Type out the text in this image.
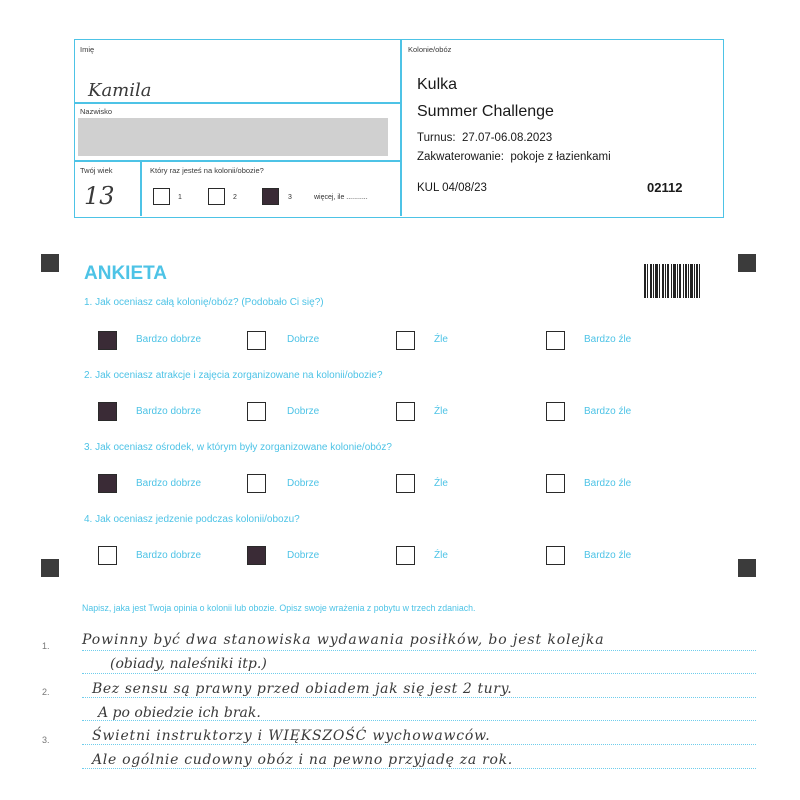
Imię
Kamila
Nazwisko
Twój wiek
13
Który raz jesteś na kolonii/obozie?
1	2	3	więcej, ile ...........
Kolonie/obóz
Kulka
Summer Challenge
Turnus: 27.07-06.08.2023
Zakwaterowanie: pokoje z łazienkami
KUL 04/08/23	02112
ANKIETA
1. Jak oceniasz całą kolonię/obóz? (Podobało Ci się?)
Bardzo dobrze	Dobrze	Źle	Bardzo źle
2. Jak oceniasz atrakcje i zajęcia zorganizowane na kolonii/obozie?
Bardzo dobrze	Dobrze	Źle	Bardzo źle
3. Jak oceniasz ośrodek, w którym były zorganizowane kolonie/obóz?
Bardzo dobrze	Dobrze	Źle	Bardzo źle
4. Jak oceniasz jedzenie podczas kolonii/obozu?
Bardzo dobrze	Dobrze	Źle	Bardzo źle
Napisz, jaka jest Twoja opinia o kolonii lub obozie. Opisz swoje wrażenia z pobytu w trzech zdaniach.
1.
2.
3.
Powinny być dwa stanowiska wydawania posiłków, bo jest kolejka
(obiady, naleśniki itp.)
Bez sensu są prawny przed obiadem jak się jest 2 tury.
A po obiedzie ich brak.
Świetni instruktorzy i WIĘKSZOŚĆ wychowawców.
Ale ogólnie cudowny obóz i na pewno przyjadę za rok.
